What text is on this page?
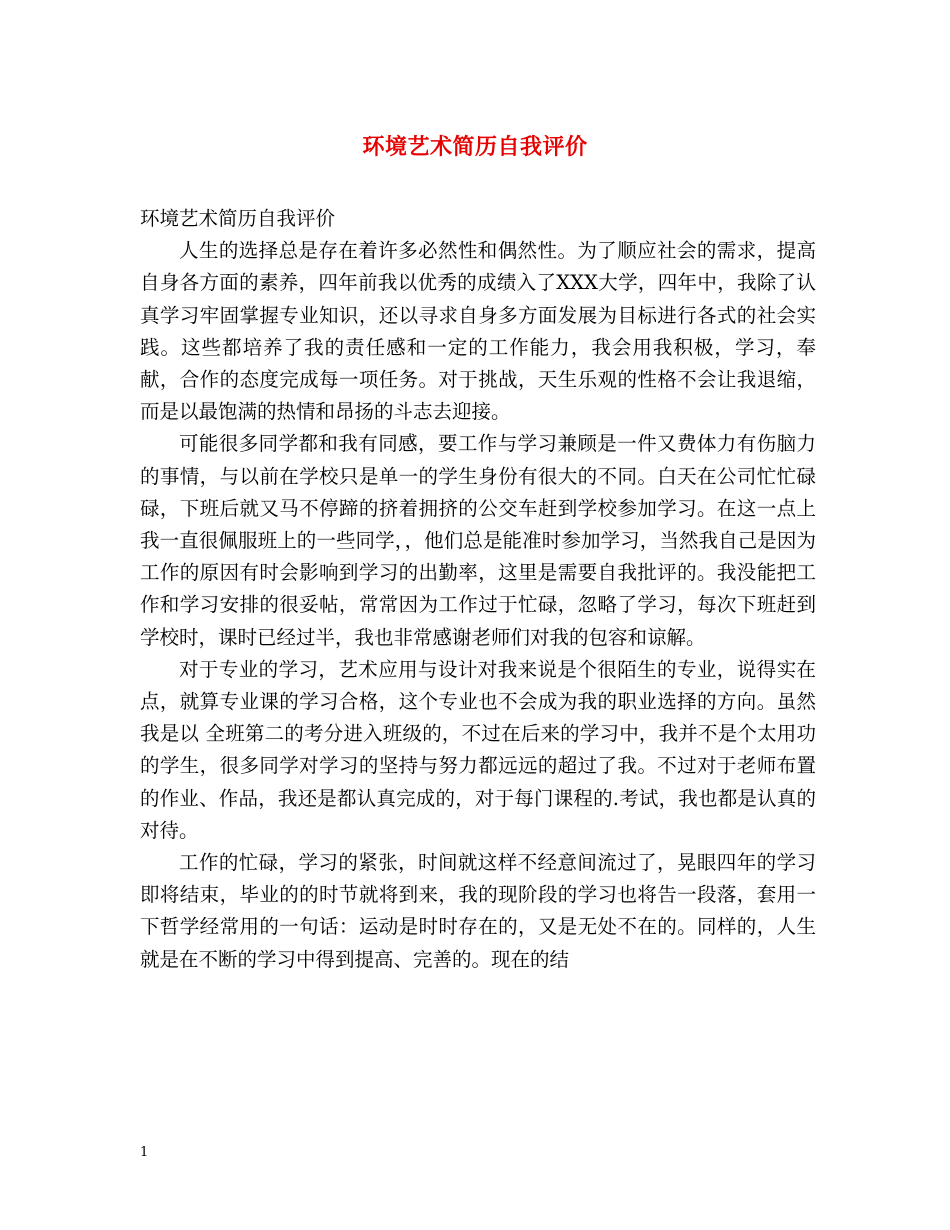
环境艺术简历自我评价

环境艺术简历自我评价

人生的选择总是存在着许多必然性和偶然性。为了顺应社会的需求，提高自身各方面的素养，四年前我以优秀的成绩入了XXX大学，四年中，我除了认真学习牢固掌握专业知识，还以寻求自身多方面发展为目标进行各式的社会实践。这些都培养了我的责任感和一定的工作能力，我会用我积极，学习，奉献，合作的态度完成每一项任务。对于挑战，天生乐观的性格不会让我退缩，而是以最饱满的热情和昂扬的斗志去迎接。

可能很多同学都和我有同感，要工作与学习兼顾是一件又费体力有伤脑力的事情，与以前在学校只是单一的学生身份有很大的不同。白天在公司忙忙碌碌，下班后就又马不停蹄的挤着拥挤的公交车赶到学校参加学习。在这一点上我一直很佩服班上的一些同学，，他们总是能准时参加学习，当然我自己是因为工作的原因有时会影响到学习的出勤率，这里是需要自我批评的。我没能把工作和学习安排的很妥帖，常常因为工作过于忙碌，忽略了学习，每次下班赶到学校时，课时已经过半，我也非常感谢老师们对我的包容和谅解。

对于专业的学习，艺术应用与设计对我来说是个很陌生的专业，说得实在点，就算专业课的学习合格，这个专业也不会成为我的职业选择的方向。虽然我是以 全班第二的考分进入班级的，不过在后来的学习中，我并不是个太用功的学生，很多同学对学习的坚持与努力都远远的超过了我。不过对于老师布置的作业、作品，我还是都认真完成的，对于每门课程的.考试，我也都是认真的对待。

工作的忙碌，学习的紧张，时间就这样不经意间流过了，晃眼四年的学习即将结束，毕业的的时节就将到来，我的现阶段的学习也将告一段落，套用一下哲学经常用的一句话：运动是时时存在的，又是无处不在的。同样的，人生就是在不断的学习中得到提高、完善的。现在的结

1
